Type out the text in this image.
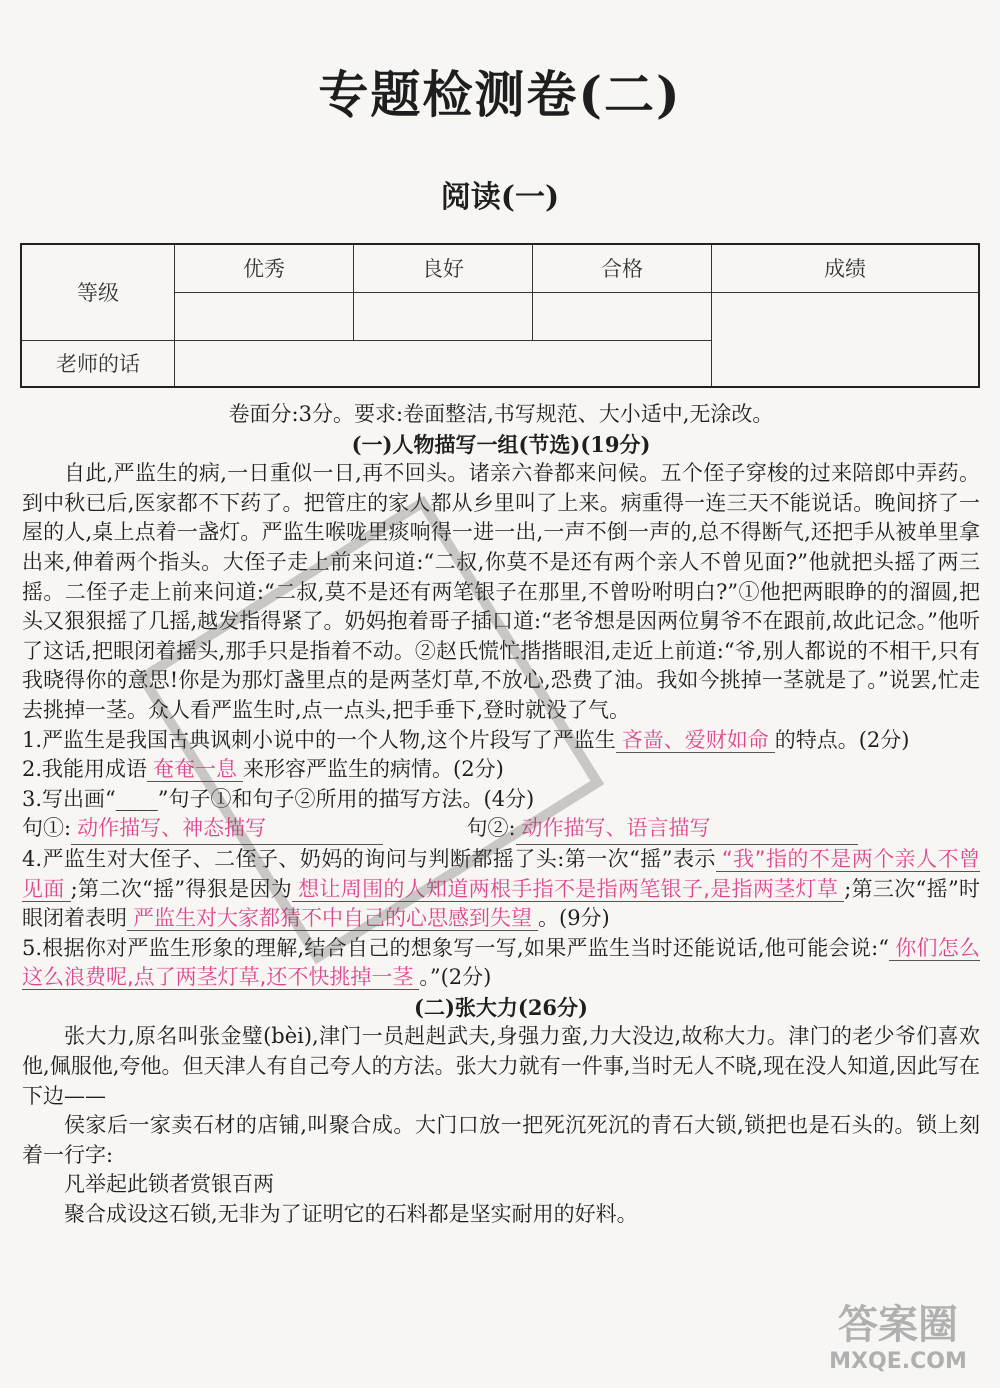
专题检测卷(二)
阅读(一)
等级	优秀	良好	合格	成绩

老师的话				

卷面分:3分。要求:卷面整洁,书写规范、大小适中,无涂改。

(一)人物描写一组(节选)(19分)

自此,严监生的病,一日重似一日,再不回头。诸亲六眷都来问候。五个侄子穿梭的过来陪郎中弄药。到中秋已后,医家都不下药了。把管庄的家人都从乡里叫了上来。病重得一连三天不能说话。晚间挤了一屋的人,桌上点着一盏灯。严监生喉咙里痰响得一进一出,一声不倒一声的,总不得断气,还把手从被单里拿出来,伸着两个指头。大侄子走上前来问道:“二叔,你莫不是还有两个亲人不曾见面?”他就把头摇了两三摇。二侄子走上前来问道:“二叔,莫不是还有两笔银子在那里,不曾吩咐明白?”①他把两眼睁的的溜圆,把头又狠狠摇了几摇,越发指得紧了。奶妈抱着哥子插口道:“老爷想是因两位舅爷不在跟前,故此记念。”他听了这话,把眼闭着摇头,那手只是指着不动。②赵氏慌忙揩揩眼泪,走近上前道:“爷,别人都说的不相干,只有我晓得你的意思!你是为那灯盏里点的是两茎灯草,不放心,恐费了油。我如今挑掉一茎就是了。”说罢,忙走去挑掉一茎。众人看严监生时,点一点头,把手垂下,登时就没了气。

1.严监生是我国古典讽刺小说中的一个人物,这个片段写了严监生 吝啬、爱财如命 的特点。(2分)

2.我能用成语 奄奄一息 来形容严监生的病情。(2分)

3.写出画“____”句子①和句子②所用的描写方法。(4分)

句①: 动作描写、神态描写	句②: 动作描写、语言描写

4.严监生对大侄子、二侄子、奶妈的询问与判断都摇了头:第一次“摇”表示 “我”指的不是两个亲人不曾见面 ;第二次“摇”得狠是因为 想让周围的人知道两根手指不是指两笔银子,是指两茎灯草 ;第三次“摇”时眼闭着表明 严监生对大家都猜不中自己的心思感到失望 。(9分)

5.根据你对严监生形象的理解,结合自己的想象写一写,如果严监生当时还能说话,他可能会说:“ 你们怎么这么浪费呢,点了两茎灯草,还不快挑掉一茎 。”(2分)

(二)张大力(26分)

张大力,原名叫张金璧(bèi),津门一员赳赳武夫,身强力蛮,力大没边,故称大力。津门的老少爷们喜欢他,佩服他,夸他。但天津人有自己夸人的方法。张大力就有一件事,当时无人不晓,现在没人知道,因此写在下边——

侯家后一家卖石材的店铺,叫聚合成。大门口放一把死沉死沉的青石大锁,锁把也是石头的。锁上刻着一行字:

凡举起此锁者赏银百两

聚合成设这石锁,无非为了证明它的石料都是坚实耐用的好料。

答案圈
MXQE.COM
